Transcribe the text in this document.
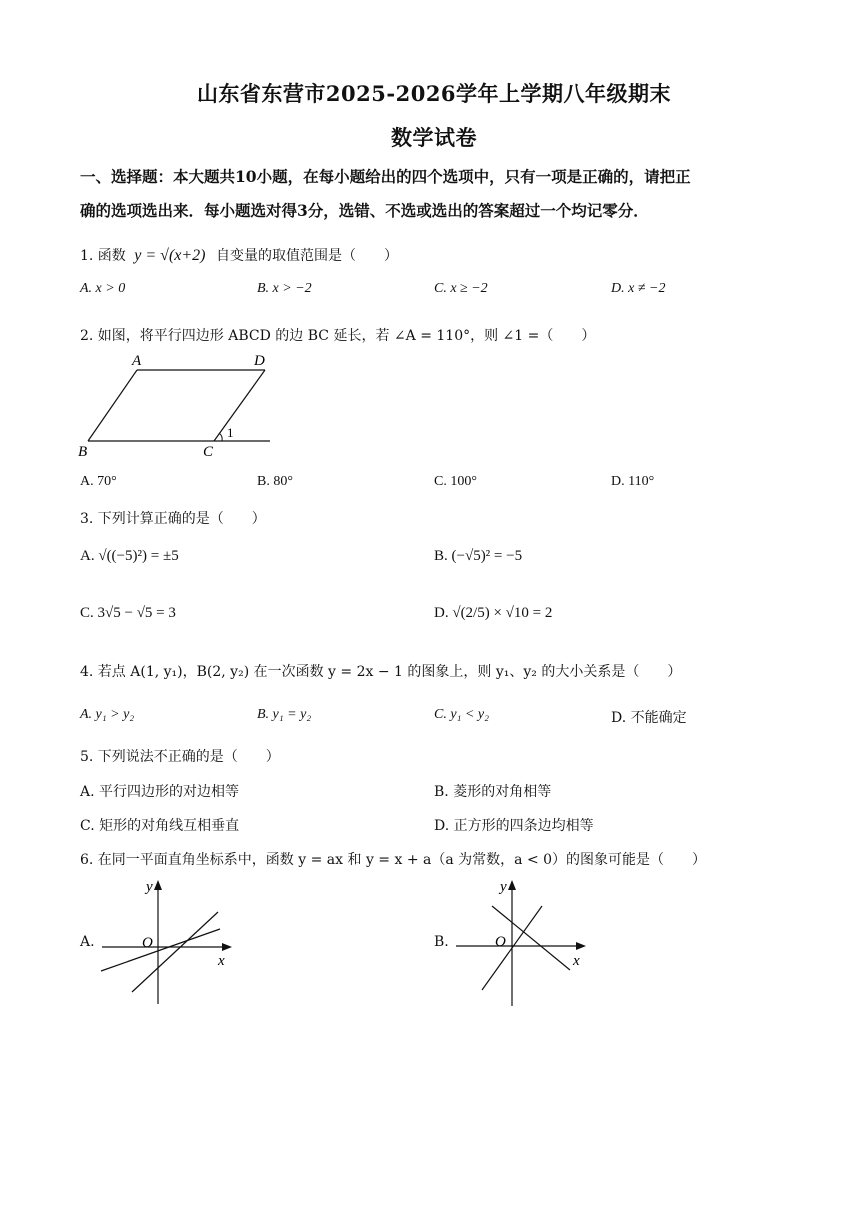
山东省东营市2025-2026学年上学期八年级期末
数学试卷
一、选择题：本大题共10小题，在每小题给出的四个选项中，只有一项是正确的，请把正
确的选项选出来．每小题选对得3分，选错、不选或选出的答案超过一个均记零分．
1. 函数 y = √(x+2) 自变量的取值范围是（　　）
A. x > 0	B. x > −2	C. x ≥ −2	D. x ≠ −2
2. 如图，将平行四边形 ABCD 的边 BC 延长，若 ∠A = 110°，则 ∠1 =（　　）
A	D
B	C
1
A. 70°	B. 80°	C. 100°	D. 110°
3. 下列计算正确的是（　　）
A. √((−5)²) = ±5	B. (−√5)² = −5
C. 3√5 − √5 = 3	D. √(2/5) × √10 = 2
4. 若点 A(1, y₁)，B(2, y₂) 在一次函数 y = 2x − 1 的图象上，则 y₁、y₂ 的大小关系是（　　）
A. y₁ > y₂	B. y₁ = y₂	C. y₁ < y₂	D. 不能确定
5. 下列说法不正确的是（　　）
A. 平行四边形的对边相等	B. 菱形的对角相等
C. 矩形的对角线互相垂直	D. 正方形的四条边均相等
6. 在同一平面直角坐标系中，函数 y = ax 和 y = x + a（a 为常数，a < 0）的图象可能是（　　）
A.
y
x
O	B.
y
x
O
